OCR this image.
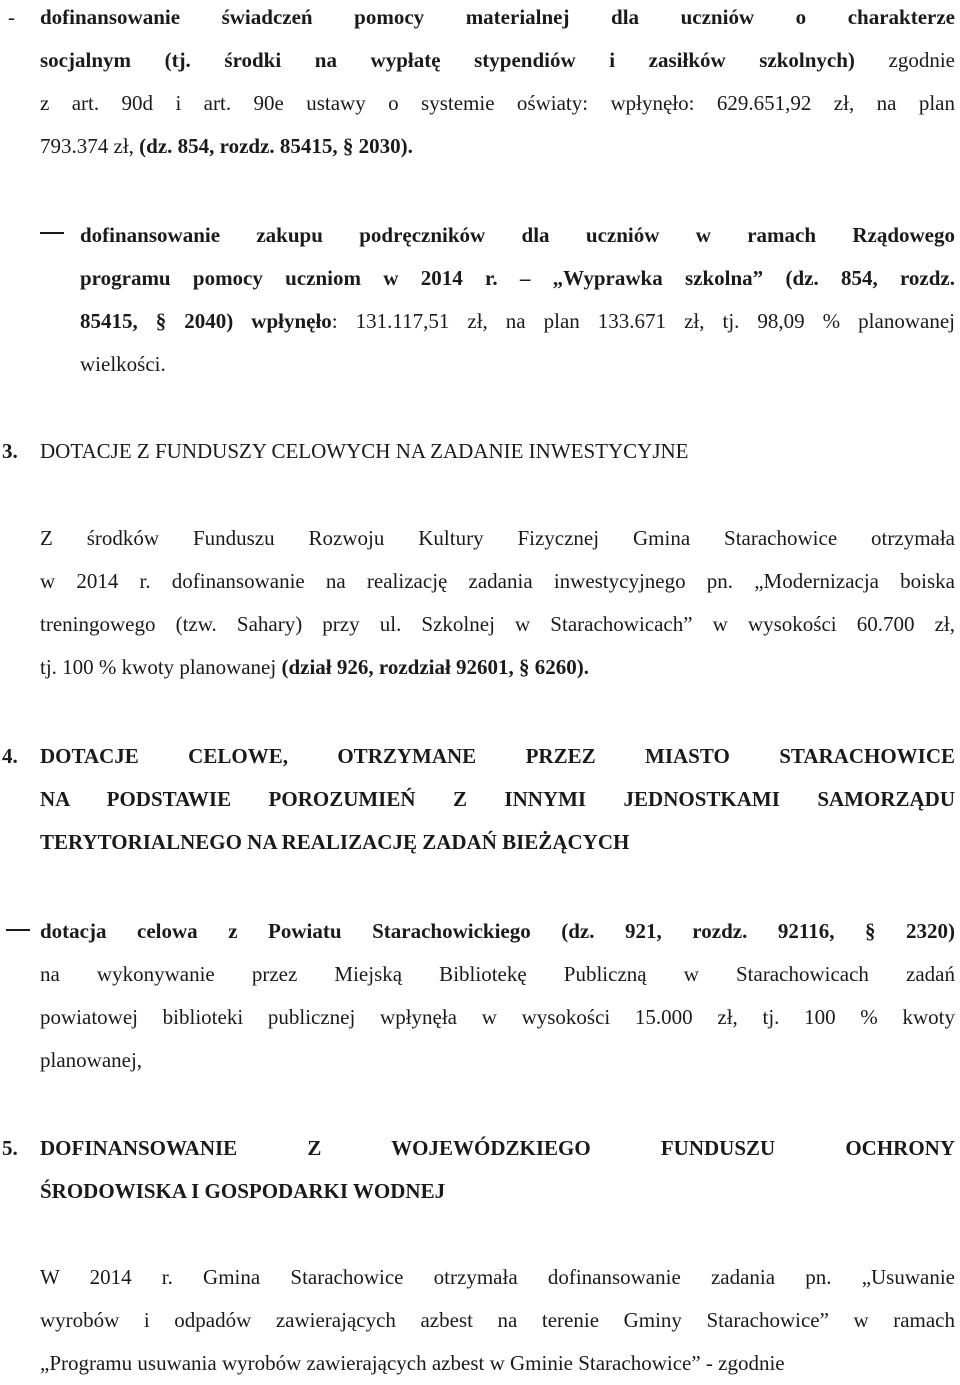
- dofinansowanie świadczeń pomocy materialnej dla uczniów o charakterze
socjalnym (tj. środki na wypłatę stypendiów i zasiłków szkolnych) zgodnie
z art. 90d i art. 90e ustawy o systemie oświaty: wpłynęło: 629.651,92 zł, na plan
793.374 zł, (dz. 854, rozdz. 85415, § 2030).
dofinansowanie zakupu podręczników dla uczniów w ramach Rządowego
programu pomocy uczniom w 2014 r. – „Wyprawka szkolna” (dz. 854, rozdz.
85415, § 2040) wpłynęło: 131.117,51 zł, na plan 133.671 zł, tj. 98,09 % planowanej
wielkości.
3. DOTACJE Z FUNDUSZY CELOWYCH NA ZADANIE INWESTYCYJNE
Z środków Funduszu Rozwoju Kultury Fizycznej Gmina Starachowice otrzymała
w 2014 r. dofinansowanie na realizację zadania inwestycyjnego pn. „Modernizacja boiska
treningowego (tzw. Sahary) przy ul. Szkolnej w Starachowicach” w wysokości 60.700 zł,
tj. 100 % kwoty planowanej (dział 926, rozdział 92601, § 6260).
4. DOTACJE CELOWE, OTRZYMANE PRZEZ MIASTO STARACHOWICE
NA PODSTAWIE POROZUMIEŃ Z INNYMI JEDNOSTKAMI SAMORZĄDU
TERYTORIALNEGO NA REALIZACJĘ ZADAŃ BIEŻĄCYCH
dotacja celowa z Powiatu Starachowickiego (dz. 921, rozdz. 92116, § 2320)
na wykonywanie przez Miejską Bibliotekę Publiczną w Starachowicach zadań
powiatowej biblioteki publicznej wpłynęła w wysokości 15.000 zł, tj. 100 % kwoty
planowanej,
5. DOFINANSOWANIE Z WOJEWÓDZKIEGO FUNDUSZU OCHRONY
ŚRODOWISKA I GOSPODARKI WODNEJ
W 2014 r. Gmina Starachowice otrzymała dofinansowanie zadania pn. „Usuwanie
wyrobów i odpadów zawierających azbest na terenie Gminy Starachowice” w ramach
„Programu usuwania wyrobów zawierających azbest w Gminie Starachowice” - zgodnie
